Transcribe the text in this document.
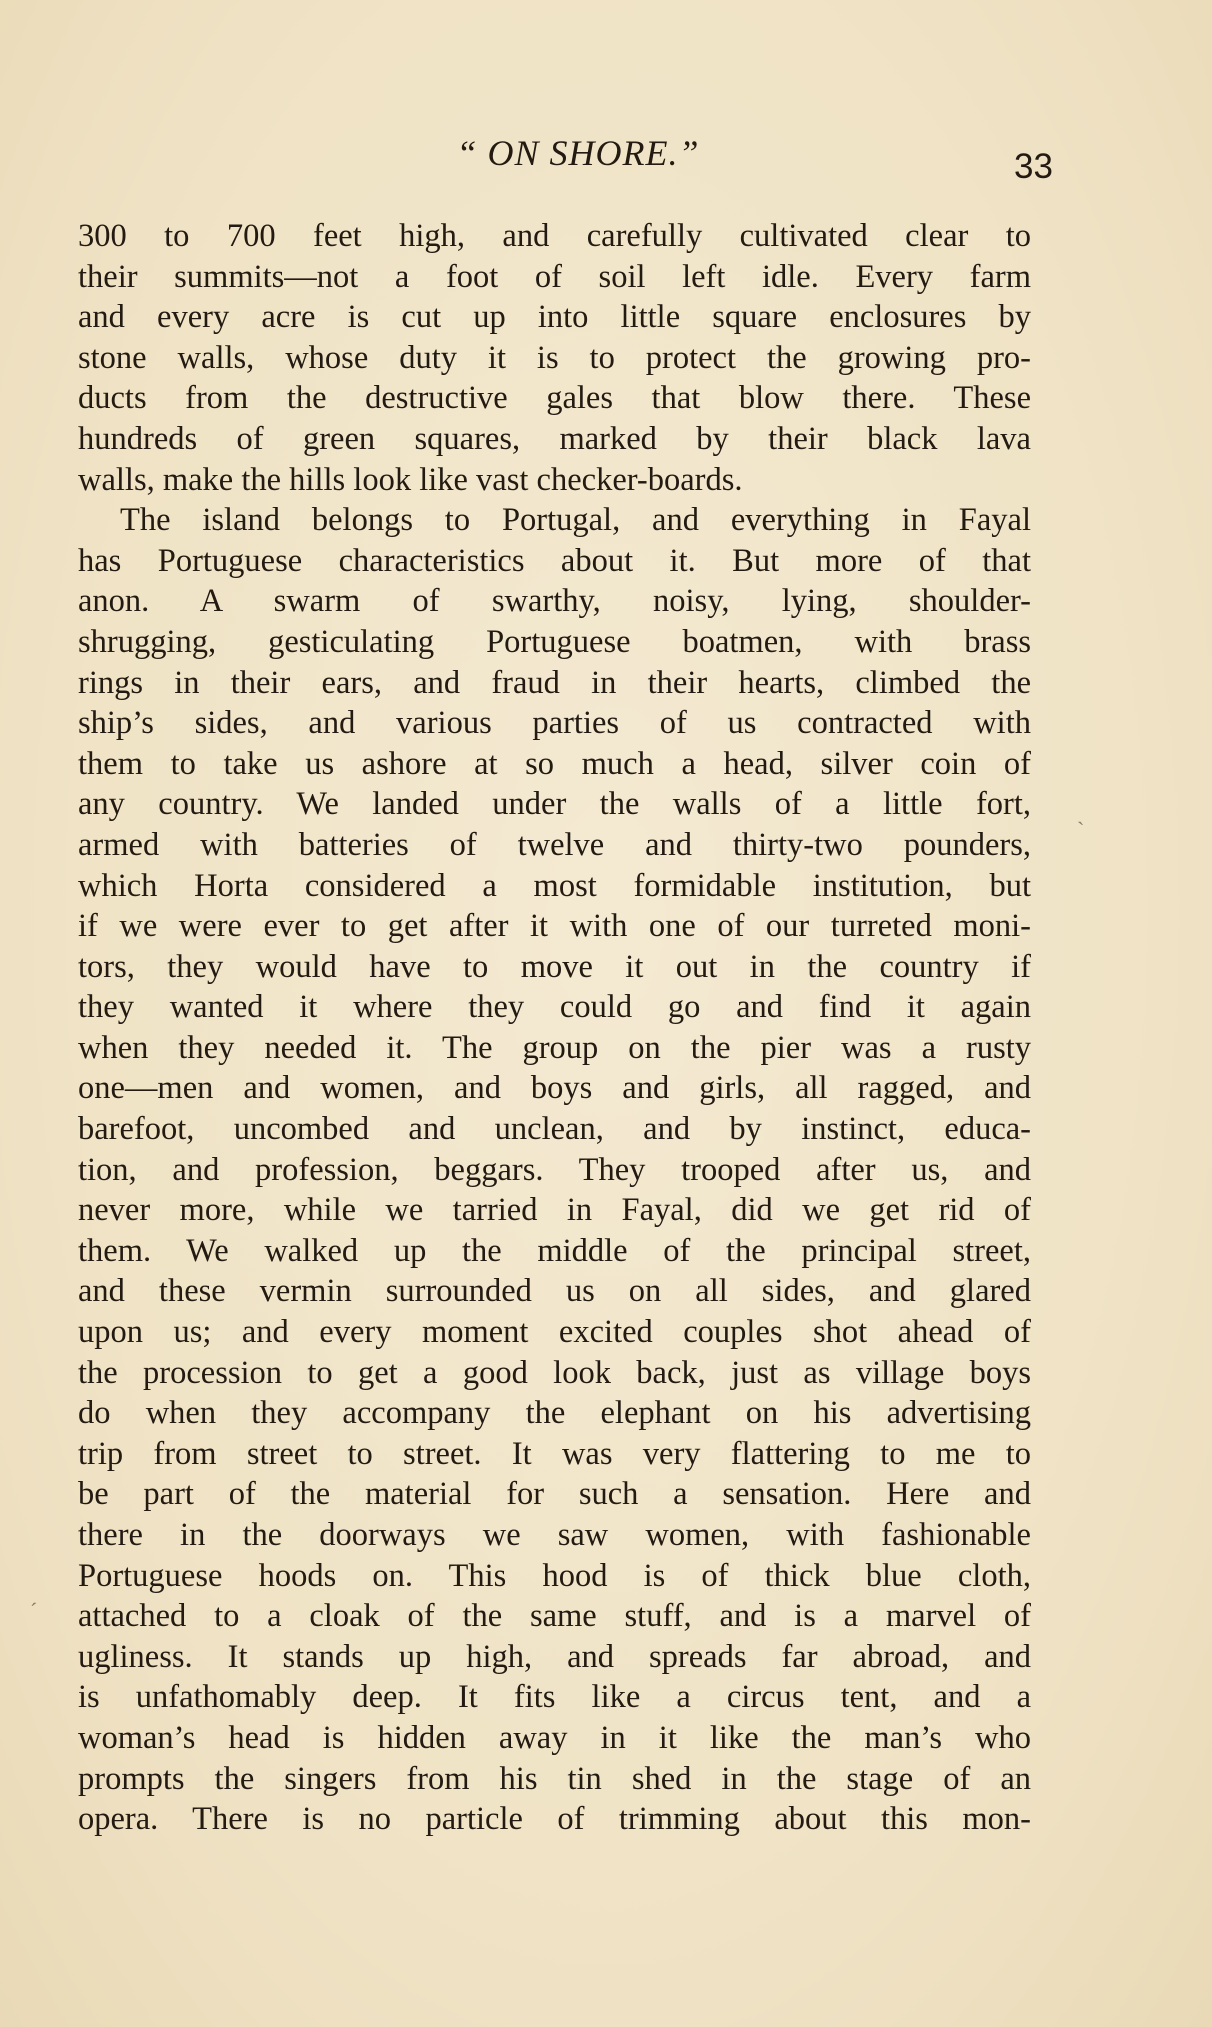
“ ON SHORE.”	33
300 to 700 feet high, and carefully cultivated clear to
their summits—not a foot of soil left idle. Every farm
and every acre is cut up into little square enclosures by
stone walls, whose duty it is to protect the growing pro-
ducts from the destructive gales that blow there. These
hundreds of green squares, marked by their black lava
walls, make the hills look like vast checker-boards.
The island belongs to Portugal, and everything in Fayal
has Portuguese characteristics about it. But more of that
anon. A swarm of swarthy, noisy, lying, shoulder-
shrugging, gesticulating Portuguese boatmen, with brass
rings in their ears, and fraud in their hearts, climbed the
ship’s sides, and various parties of us contracted with
them to take us ashore at so much a head, silver coin of
any country. We landed under the walls of a little fort,
armed with batteries of twelve and thirty-two pounders,
which Horta considered a most formidable institution, but
if we were ever to get after it with one of our turreted moni-
tors, they would have to move it out in the country if
they wanted it where they could go and find it again
when they needed it. The group on the pier was a rusty
one—men and women, and boys and girls, all ragged, and
barefoot, uncombed and unclean, and by instinct, educa-
tion, and profession, beggars. They trooped after us, and
never more, while we tarried in Fayal, did we get rid of
them. We walked up the middle of the principal street,
and these vermin surrounded us on all sides, and glared
upon us; and every moment excited couples shot ahead of
the procession to get a good look back, just as village boys
do when they accompany the elephant on his advertising
trip from street to street. It was very flattering to me to
be part of the material for such a sensation. Here and
there in the doorways we saw women, with fashionable
Portuguese hoods on. This hood is of thick blue cloth,
attached to a cloak of the same stuff, and is a marvel of
ugliness. It stands up high, and spreads far abroad, and
is unfathomably deep. It fits like a circus tent, and a
woman’s head is hidden away in it like the man’s who
prompts the singers from his tin shed in the stage of an
opera. There is no particle of trimming about this mon-
ˏ
ˊ
